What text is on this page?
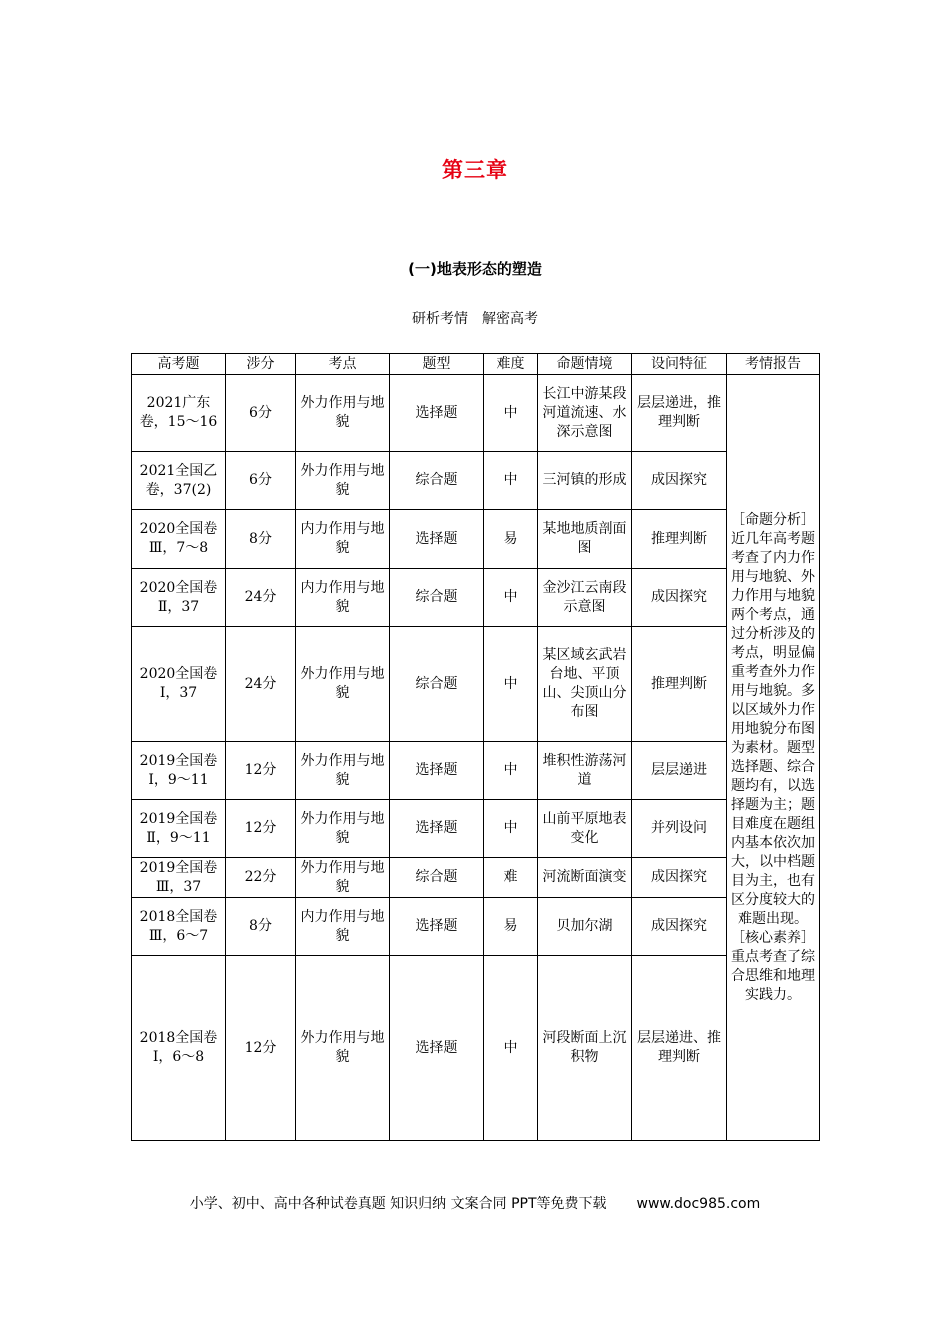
第三章
(一)地表形态的塑造
研析考情　解密高考
高考题	涉分	考点	题型	难度	命题情境	设问特征	考情报告
2021广东卷，15～16	6分	外力作用与地貌	选择题	中	长江中游某段河道流速、水深示意图	层层递进，推理判断	［命题分析］近几年高考题考查了内力作用与地貌、外力作用与地貌两个考点，通过分析涉及的考点，明显偏重考查外力作用与地貌。多以区域外力作用地貌分布图为素材。题型选择题、综合题均有，以选择题为主；题目难度在题组内基本依次加大，以中档题目为主，也有区分度较大的难题出现。［核心素养］重点考查了综合思维和地理实践力。
2021全国乙卷，37(2)	6分	外力作用与地貌	综合题	中	三河镇的形成	成因探究	
2020全国卷Ⅲ，7～8	8分	内力作用与地貌	选择题	易	某地地质剖面图	推理判断	
2020全国卷Ⅱ，37	24分	内力作用与地貌	综合题	中	金沙江云南段示意图	成因探究	
2020全国卷Ⅰ，37	24分	外力作用与地貌	综合题	中	某区域玄武岩台地、平顶山、尖顶山分布图	推理判断	
2019全国卷Ⅰ，9～11	12分	外力作用与地貌	选择题	中	堆积性游荡河道	层层递进	
2019全国卷Ⅱ，9～11	12分	外力作用与地貌	选择题	中	山前平原地表变化	并列设问	
2019全国卷Ⅲ，37	22分	外力作用与地貌	综合题	难	河流断面演变	成因探究	
2018全国卷Ⅲ，6～7	8分	内力作用与地貌	选择题	易	贝加尔湖	成因探究	
2018全国卷Ⅰ，6～8	12分	外力作用与地貌	选择题	中	河段断面上沉积物	层层递进、推理判断	
小学、初中、高中各种试卷真题 知识归纳 文案合同 PPT等免费下载 www.doc985.com
